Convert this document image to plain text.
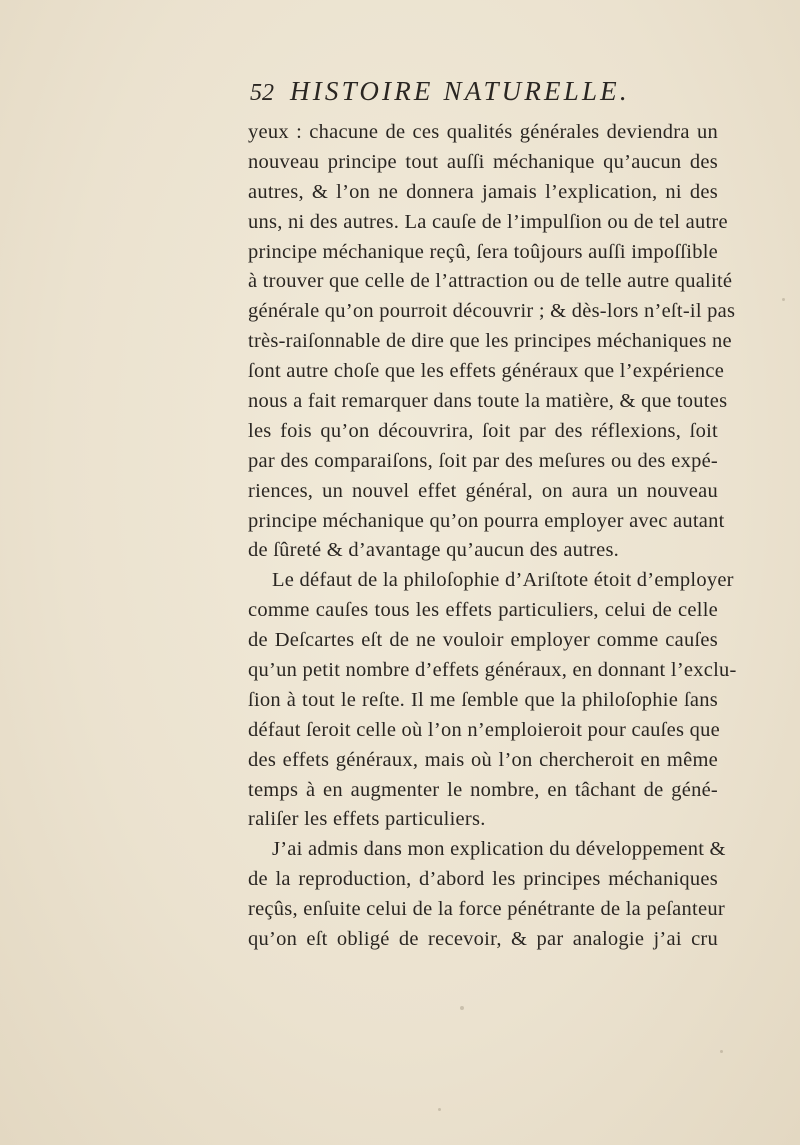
52 HISTOIRE NATURELLE.
yeux : chacune de ces qualités générales deviendra un
nouveau principe tout auſſi méchanique qu’aucun des
autres, & l’on ne donnera jamais l’explication, ni des
uns, ni des autres. La cauſe de l’impulſion ou de tel autre
principe méchanique reçû, ſera toûjours auſſi impoſſible
à trouver que celle de l’attraction ou de telle autre qualité
générale qu’on pourroit découvrir ; & dès-lors n’eſt-il pas
très-raiſonnable de dire que les principes méchaniques ne
ſont autre choſe que les effets généraux que l’expérience
nous a fait remarquer dans toute la matière, & que toutes
les fois qu’on découvrira, ſoit par des réflexions, ſoit
par des comparaiſons, ſoit par des meſures ou des expé-
riences, un nouvel effet général, on aura un nouveau
principe méchanique qu’on pourra employer avec autant
de ſûreté & d’avantage qu’aucun des autres.
Le défaut de la philoſophie d’Ariſtote étoit d’employer
comme cauſes tous les effets particuliers, celui de celle
de Deſcartes eſt de ne vouloir employer comme cauſes
qu’un petit nombre d’effets généraux, en donnant l’exclu-
ſion à tout le reſte. Il me ſemble que la philoſophie ſans
défaut ſeroit celle où l’on n’emploieroit pour cauſes que
des effets généraux, mais où l’on chercheroit en même
temps à en augmenter le nombre, en tâchant de géné-
raliſer les effets particuliers.
J’ai admis dans mon explication du développement &
de la reproduction, d’abord les principes méchaniques
reçûs, enſuite celui de la force pénétrante de la peſanteur
qu’on eſt obligé de recevoir, & par analogie j’ai cru
